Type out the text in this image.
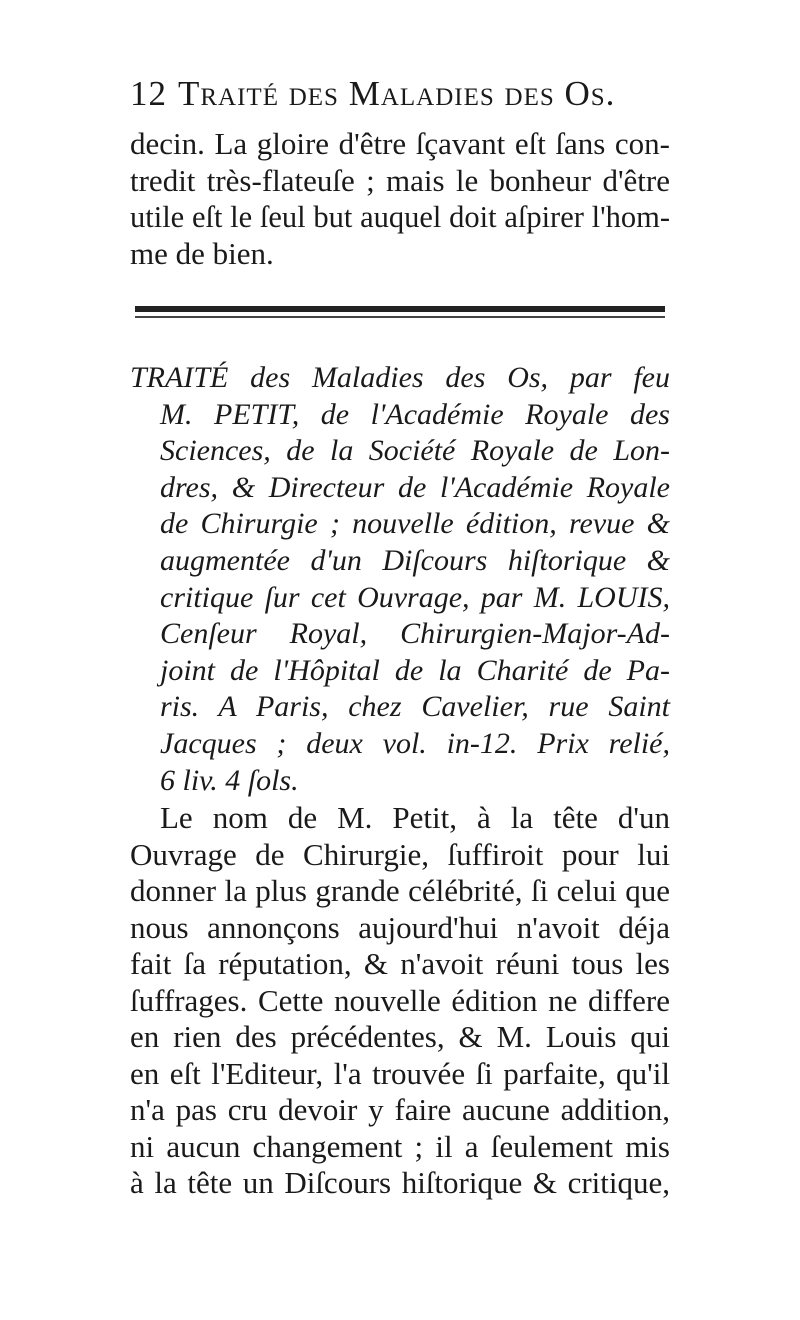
12 Traité des Maladies des Os.
decin. La gloire d'être ſçavant eſt ſans con-
tredit très-flateuſe ; mais le bonheur d'être
utile eſt le ſeul but auquel doit aſpirer l'hom-
me de bien.
TRAITÉ des Maladies des Os, par feu
M. PETIT, de l'Académie Royale des
Sciences, de la Société Royale de Lon-
dres, & Directeur de l'Académie Royale
de Chirurgie ; nouvelle édition, revue &
augmentée d'un Diſcours hiſtorique &
critique ſur cet Ouvrage, par M. LOUIS,
Cenſeur Royal, Chirurgien-Major-Ad-
joint de l'Hôpital de la Charité de Pa-
ris. A Paris, chez Cavelier, rue Saint
Jacques ; deux vol. in-12. Prix relié,
6 liv. 4 ſols.
Le nom de M. Petit, à la tête d'un
Ouvrage de Chirurgie, ſuffiroit pour lui
donner la plus grande célébrité, ſi celui que
nous annonçons aujourd'hui n'avoit déja
fait ſa réputation, & n'avoit réuni tous les
ſuffrages. Cette nouvelle édition ne differe
en rien des précédentes, & M. Louis qui
en eſt l'Editeur, l'a trouvée ſi parfaite, qu'il
n'a pas cru devoir y faire aucune addition,
ni aucun changement ; il a ſeulement mis
à la tête un Diſcours hiſtorique & critique,
